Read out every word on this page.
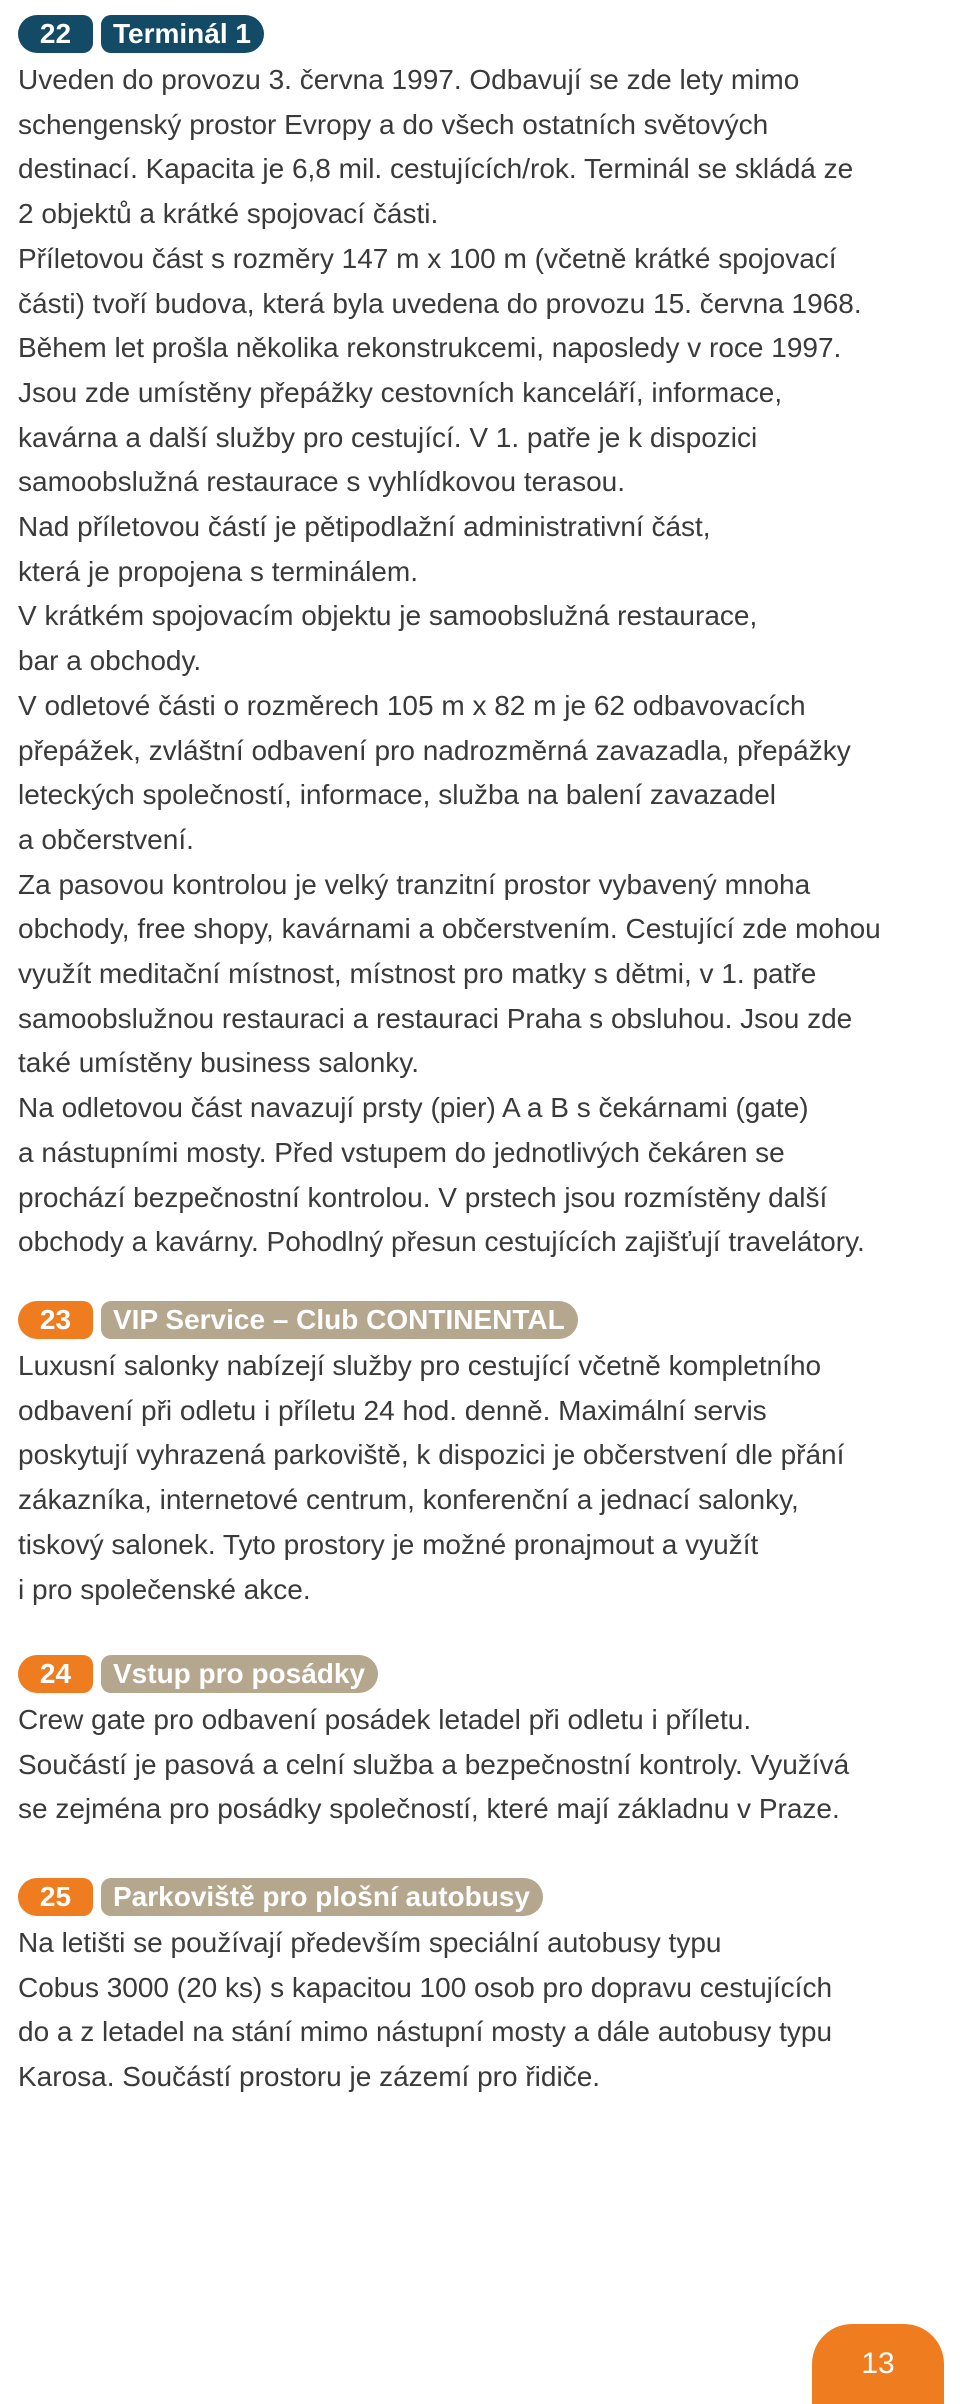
22	Terminál 1

Uveden do provozu 3. června 1997. Odbavují se zde lety mimo
schengenský prostor Evropy a do všech ostatních světových
destinací. Kapacita je 6,8 mil. cestujících/rok. Terminál se skládá ze
2 objektů a krátké spojovací části.

Příletovou část s rozměry 147 m x 100 m (včetně krátké spojovací
části) tvoří budova, která byla uvedena do provozu 15. června 1968.
Během let prošla několika rekonstrukcemi, naposledy v roce 1997.
Jsou zde umístěny přepážky cestovních kanceláří, informace,
kavárna a další služby pro cestující. V 1. patře je k dispozici
samoobslužná restaurace s vyhlídkovou terasou.

Nad příletovou částí je pětipodlažní administrativní část,
která je propojena s terminálem.

V krátkém spojovacím objektu je samoobslužná restaurace,
bar a obchody.

V odletové části o rozměrech 105 m x 82 m je 62 odbavovacích
přepážek, zvláštní odbavení pro nadrozměrná zavazadla, přepážky
leteckých společností, informace, služba na balení zavazadel
a občerstvení.

Za pasovou kontrolou je velký tranzitní prostor vybavený mnoha
obchody, free shopy, kavárnami a občerstvením. Cestující zde mohou
využít meditační místnost, místnost pro matky s dětmi, v 1. patře
samoobslužnou restauraci a restauraci Praha s obsluhou. Jsou zde
také umístěny business salonky.

Na odletovou část navazují prsty (pier) A a B s čekárnami (gate)
a nástupními mosty. Před vstupem do jednotlivých čekáren se
prochází bezpečnostní kontrolou. V prstech jsou rozmístěny další
obchody a kavárny. Pohodlný přesun cestujících zajišťují travelátory.

23	VIP Service – Club CONTINENTAL

Luxusní salonky nabízejí služby pro cestující včetně kompletního
odbavení při odletu i příletu 24 hod. denně. Maximální servis
poskytují vyhrazená parkoviště, k dispozici je občerstvení dle přání
zákazníka, internetové centrum, konferenční a jednací salonky,
tiskový salonek. Tyto prostory je možné pronajmout a využít
i pro společenské akce.

24	Vstup pro posádky

Crew gate pro odbavení posádek letadel při odletu i příletu.
Součástí je pasová a celní služba a bezpečnostní kontroly. Využívá
se zejména pro posádky společností, které mají základnu v Praze.

25	Parkoviště pro plošní autobusy

Na letišti se používají především speciální autobusy typu
Cobus 3000 (20 ks) s kapacitou 100 osob pro dopravu cestujících
do a z letadel na stání mimo nástupní mosty a dále autobusy typu
Karosa. Součástí prostoru je zázemí pro řidiče.

13
